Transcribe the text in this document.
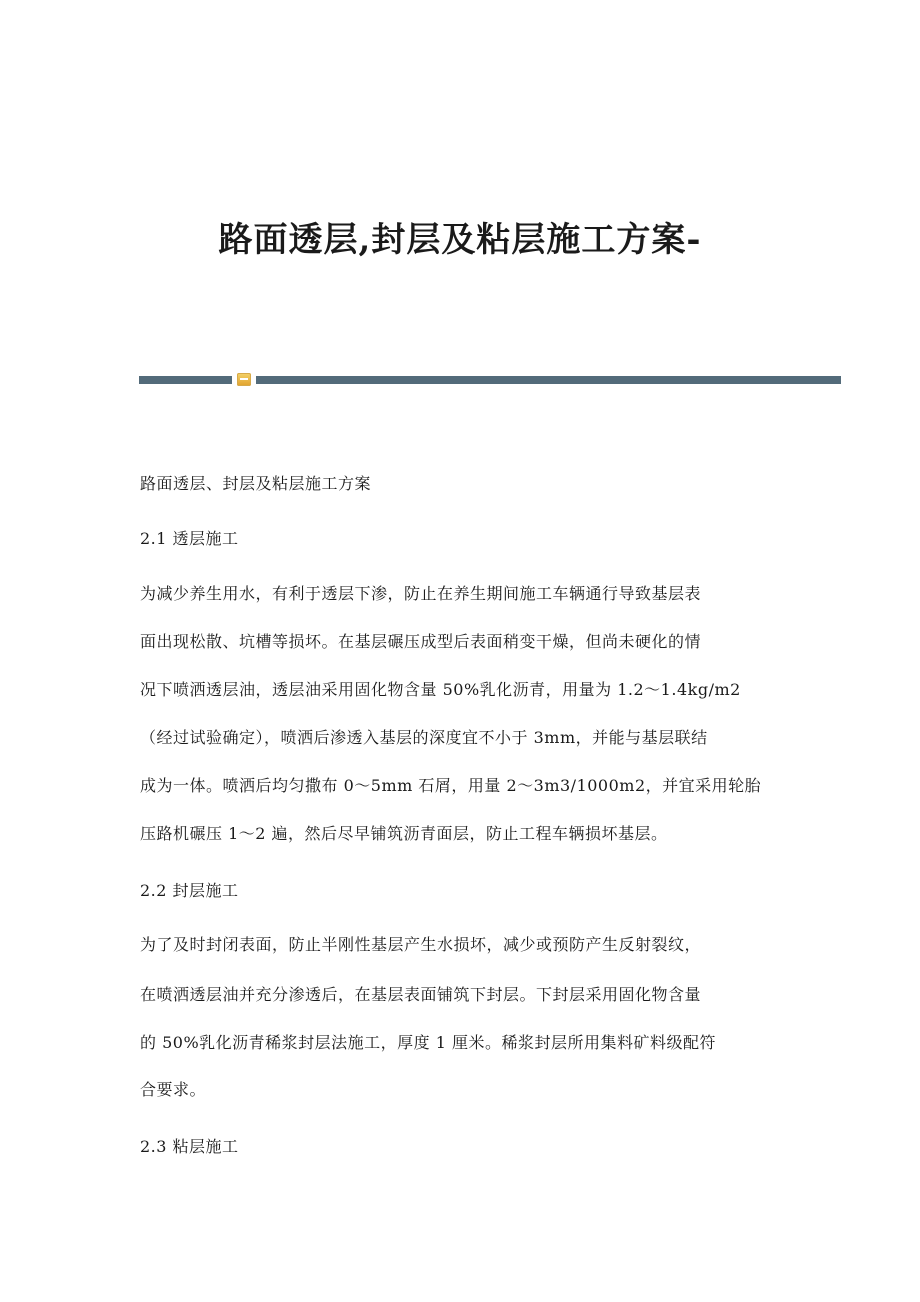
路面透层,封层及粘层施工方案-
路面透层、封层及粘层施工方案
2.1 透层施工
为减少养生用水，有利于透层下渗，防止在养生期间施工车辆通行导致基层表
面出现松散、坑槽等损坏。在基层碾压成型后表面稍变干燥，但尚未硬化的情
况下喷洒透层油，透层油采用固化物含量 50%乳化沥青，用量为 1.2～1.4kg/m2
（经过试验确定），喷洒后渗透入基层的深度宜不小于 3mm，并能与基层联结
成为一体。喷洒后均匀撒布 0～5mm 石屑，用量 2～3m3/1000m2，并宜采用轮胎
压路机碾压 1～2 遍，然后尽早铺筑沥青面层，防止工程车辆损坏基层。
2.2 封层施工
为了及时封闭表面，防止半刚性基层产生水损坏，减少或预防产生反射裂纹，
在喷洒透层油并充分渗透后，在基层表面铺筑下封层。下封层采用固化物含量
的 50%乳化沥青稀浆封层法施工，厚度 1 厘米。稀浆封层所用集料矿料级配符
合要求。
2.3 粘层施工
